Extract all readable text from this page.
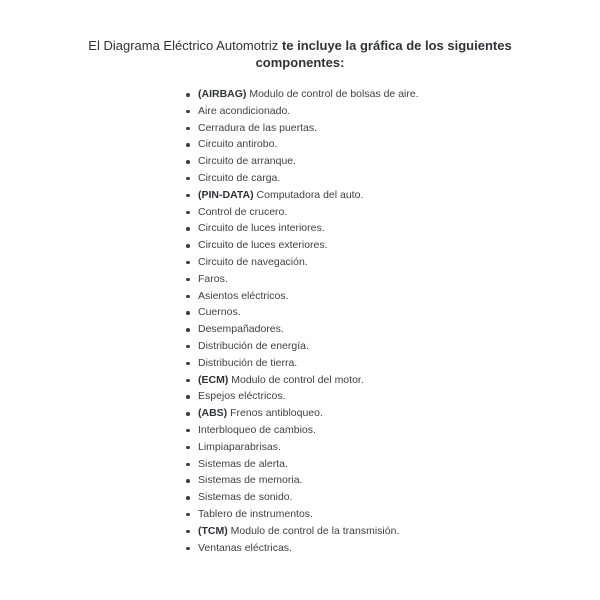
El Diagrama Eléctrico Automotriz te incluye la gráfica de los siguientes
componentes:
(AIRBAG) Modulo de control de bolsas de aire.
Aire acondicionado.
Cerradura de las puertas.
Circuito antirobo.
Circuito de arranque.
Circuito de carga.
(PIN-DATA) Computadora del auto.
Control de crucero.
Circuito de luces interiores.
Circuito de luces exteriores.
Circuito de navegación.
Faros.
Asientos eléctricos.
Cuernos.
Desempañadores.
Distribución de energía.
Distribución de tierra.
(ECM) Modulo de control del motor.
Espejos eléctricos.
(ABS) Frenos antibloqueo.
Interbloqueo de cambios.
Limpiaparabrisas.
Sistemas de alerta.
Sistemas de memoria.
Sistemas de sonido.
Tablero de instrumentos.
(TCM) Modulo de control de la transmisión.
Ventanas eléctricas.
